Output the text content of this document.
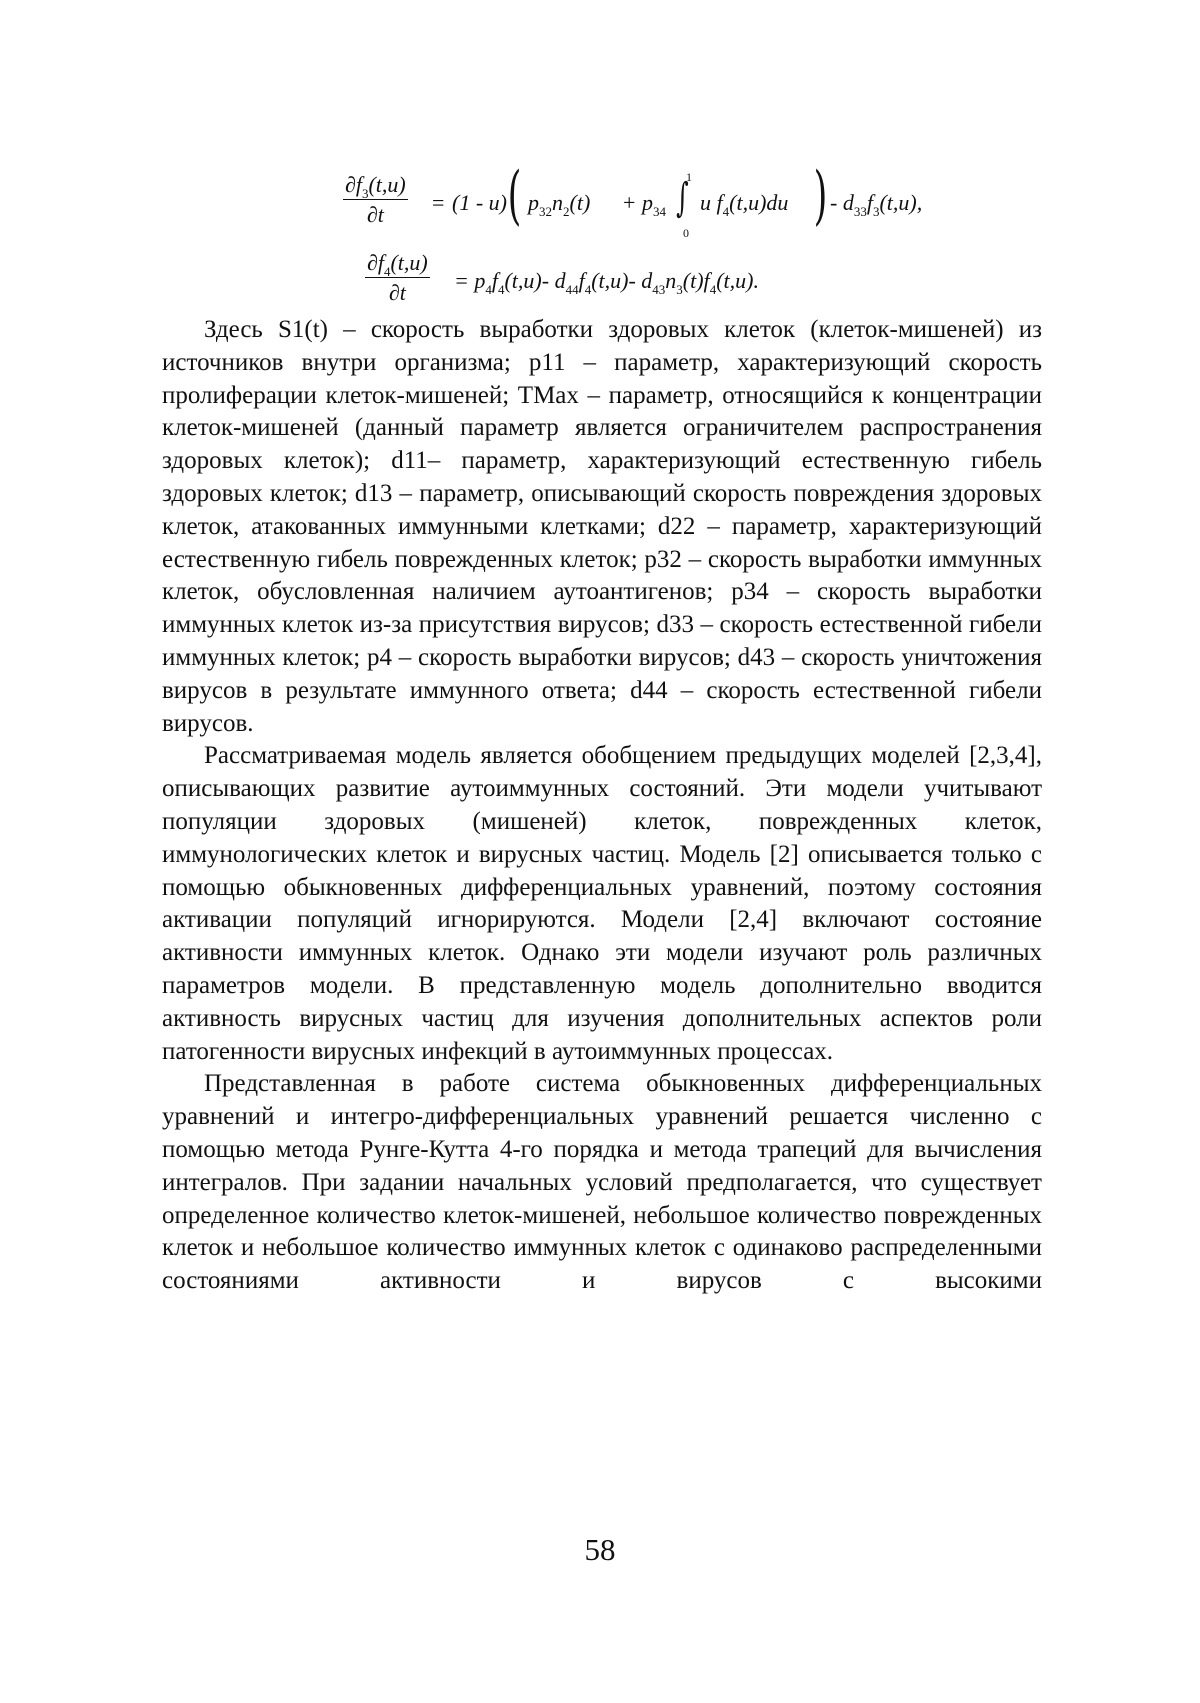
$\frac{\partial f_3(t,u)}{\partial t} = (1 - u)$ ( $p_{32}n_2(t) + p_{34}$ ∫
1
0
u $f_4(t,u)du$ ) - $d_{33}f_3(t,u)$,
$\frac{\partial f_4(t,u)}{\partial t} = p_4f_4(t,u)-$ $d_{44}f_4(t,u)-$ $d_{43}n_3(t)f_4(t,u)$.

Здесь S1(t) – скорость выработки здоровых клеток (клеток-мишеней) из источников внутри организма; p11 – параметр, характеризующий скорость пролиферации клеток-мишеней; TMax – параметр, относящийся к концентрации клеток-мишеней (данный параметр является ограничителем распространения здоровых клеток); d11– параметр, характеризующий естественную гибель здоровых клеток; d13 – параметр, описывающий скорость повреждения здоровых клеток, атакованных иммунными клетками; d22 – параметр, характеризующий естественную гибель поврежденных клеток; p32 – скорость выработки иммунных клеток, обусловленная наличием аутоантигенов; p34 – скорость выработки иммунных клеток из-за присутствия вирусов; d33 – скорость естественной гибели иммунных клеток; p4 – скорость выработки вирусов; d43 – скорость уничтожения вирусов в результате иммунного ответа; d44 – скорость естественной гибели вирусов.

Рассматриваемая модель является обобщением предыдущих моделей [2,3,4], описывающих развитие аутоиммунных состояний. Эти модели учитывают популяции здоровых (мишеней) клеток, поврежденных клеток, иммунологических клеток и вирусных частиц. Модель [2] описывается только с помощью обыкновенных дифференциальных уравнений, поэтому состояния активации популяций игнорируются. Модели [2,4] включают состояние активности иммунных клеток. Однако эти модели изучают роль различных параметров модели. В представленную модель дополнительно вводится активность вирусных частиц для изучения дополнительных аспектов роли патогенности вирусных инфекций в аутоиммунных процессах.

Представленная в работе система обыкновенных дифференциальных уравнений и интегро-дифференциальных уравнений решается численно с помощью метода Рунге-Кутта 4-го порядка и метода трапеций для вычисления интегралов. При задании начальных условий предполагается, что существует определенное количество клеток-мишеней, небольшое количество поврежденных клеток и небольшое количество иммунных клеток с одинаково распределенными состояниями активности и вирусов с высокими

58
